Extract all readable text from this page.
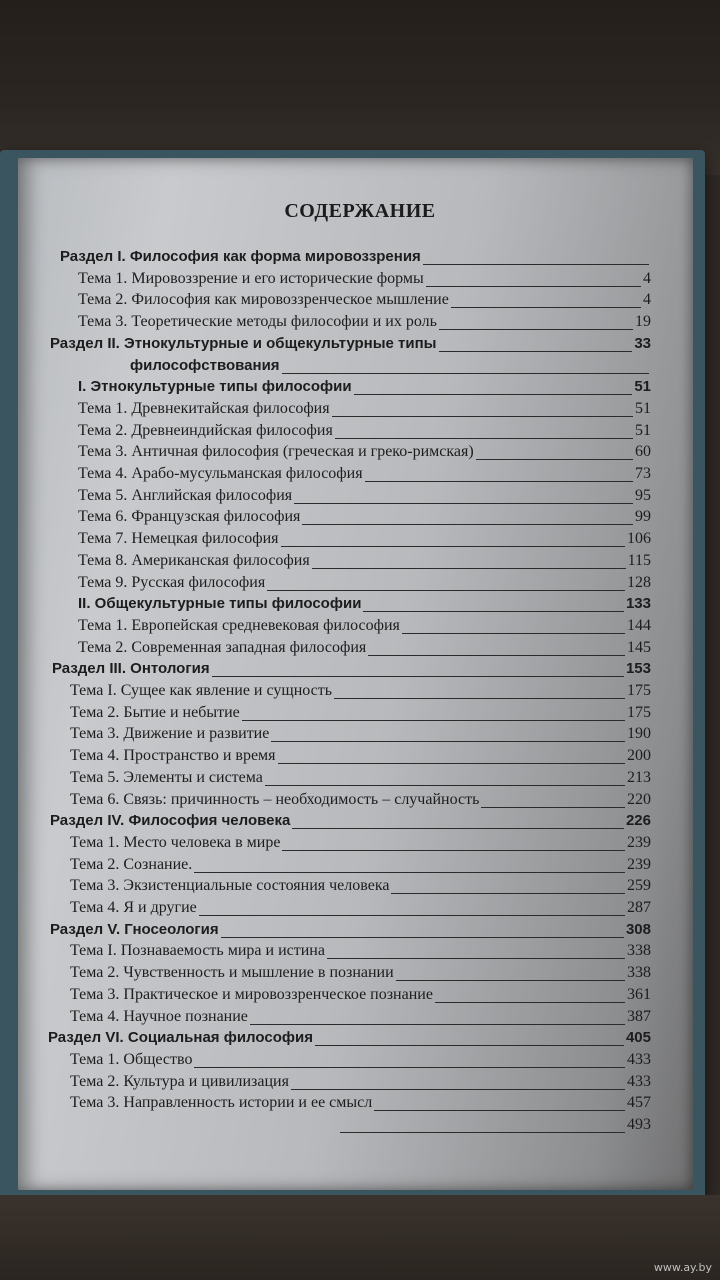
СОДЕРЖАНИЕ
Раздел I. Философия как форма мировоззрения
Тема 1. Мировоззрение и его исторические формы	4
Тема 2. Философия как мировоззренческое мышление	4
Тема 3. Теоретические методы философии и их роль	19
Раздел II. Этнокультурные и общекультурные типы	33
философствования
I. Этнокультурные типы философии	51
Тема 1. Древнекитайская философия	51
Тема 2. Древнеиндийская философия	51
Тема 3. Античная философия (греческая и греко-римская)	60
Тема 4. Арабо-мусульманская философия	73
Тема 5. Английская философия	95
Тема 6. Французская философия	99
Тема 7. Немецкая философия	106
Тема 8. Американская философия	115
Тема 9. Русская философия	128
II. Общекультурные типы философии	133
Тема 1. Европейская средневековая философия	144
Тема 2. Современная западная философия	145
Раздел III. Онтология	153
Тема I. Сущее как явление и сущность	175
Тема 2. Бытие и небытие	175
Тема 3. Движение и развитие	190
Тема 4. Пространство и время	200
Тема 5. Элементы и система	213
Тема 6. Связь: причинность – необходимость – случайность	220
Раздел IV. Философия человека	226
Тема 1. Место человека в мире	239
Тема 2. Сознание.	239
Тема 3. Экзистенциальные состояния человека	259
Тема 4. Я и другие	287
Раздел V. Гносеология	308
Тема I. Познаваемость мира и истина	338
Тема 2. Чувственность и мышление в познании	338
Тема 3. Практическое и мировоззренческое познание	361
Тема 4. Научное познание	387
Раздел VI. Социальная философия	405
Тема 1. Общество	433
Тема 2. Культура и цивилизация	433
Тема 3. Направленность истории и ее смысл	457
493
www.ay.by
